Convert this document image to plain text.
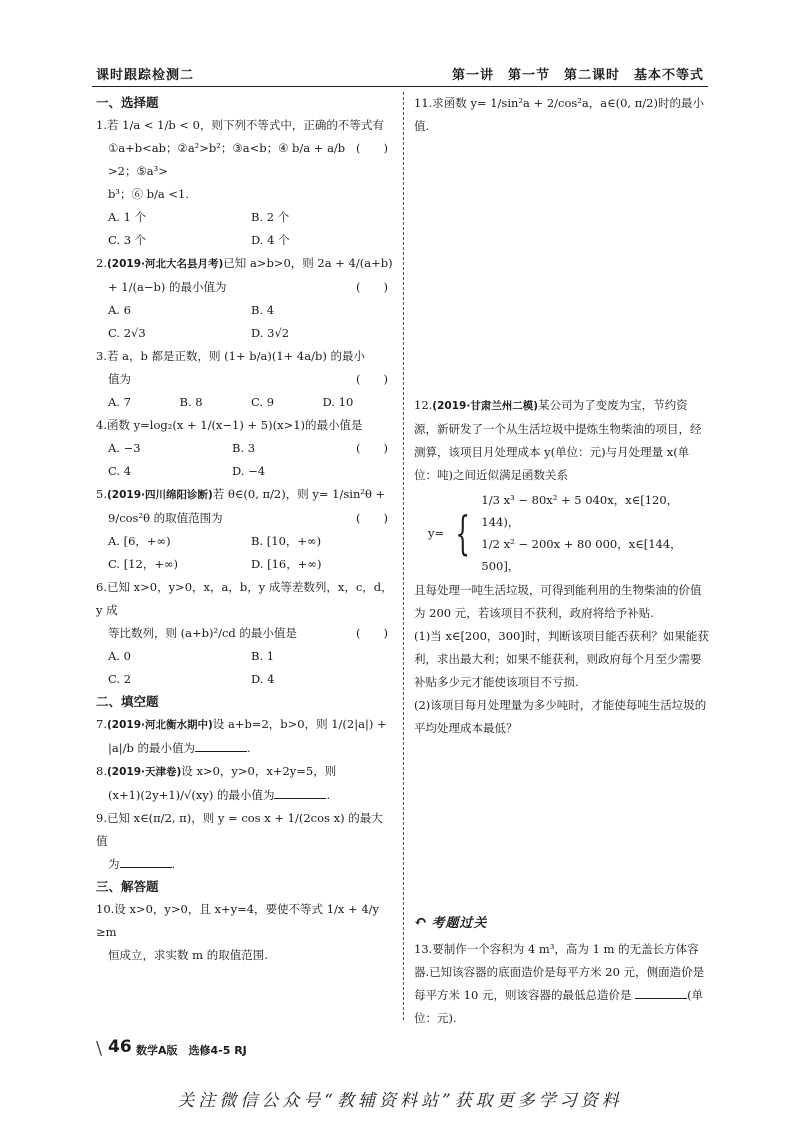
课时跟踪检测二	第一讲　第一节　第二课时　基本不等式
一、选择题

1.若 1/a < 1/b < 0，则下列不等式中，正确的不等式有
(　　)

①a+b<ab；②a²>b²；③a<b；④ b/a + a/b >2；⑤a³>

b³；⑥ b/a <1.

A. 1 个	B. 2 个
C. 3 个	D. 4 个

2.(2019·河北大名县月考)已知 a>b>0，则 2a + 4/(a+b)

+ 1/(a−b) 的最小值为	(　　)

A. 6	B. 4
C. 2√3	D. 3√2

3.若 a，b 都是正数，则 (1+ b/a)(1+ 4a/b) 的最小

值为	(　　)

A. 7	B. 8	C. 9	D. 10

4.函数 y=log₂(x + 1/(x−1) + 5)(x>1)的最小值是
(　　)

A. −3	B. 3
C. 4	D. −4

5.(2019·四川绵阳诊断)若 θ∈(0, π/2)，则 y= 1/sin²θ +

9/cos²θ 的取值范围为	(　　)

A. [6，+∞)	B. [10，+∞)
C. [12，+∞)	D. [16，+∞)

6.已知 x>0，y>0，x，a，b，y 成等差数列，x，c，d，y 成

等比数列，则 (a+b)²/cd 的最小值是	(　　)

A. 0	B. 1
C. 2	D. 4
二、填空题

7.(2019·河北衡水期中)设 a+b=2，b>0，则 1/(2|a|) +

|a|/b 的最小值为	.

8.(2019·天津卷)设 x>0，y>0，x+2y=5，则

(x+1)(2y+1)/√(xy) 的最小值为	.

9.已知 x∈(π/2, π)，则 y = cos x + 1/(2cos x) 的最大值

为	.

三、解答题

10.设 x>0，y>0，且 x+y=4，要使不等式 1/x + 4/y ≥m

恒成立，求实数 m 的取值范围.

11.求函数 y= 1/sin²a + 2/cos²a，a∈(0, π/2)时的最小值.

12.(2019·甘肃兰州二模)某公司为了变废为宝，节约资源，新研发了一个从生活垃圾中提炼生物柴油的项目，经测算，该项目月处理成本 y(单位：元)与月处理量 x(单位：吨)之间近似满足函数关系

y= {
1/3 x³ − 80x² + 5 040x，x∈[120，144)，
1/2 x² − 200x + 80 000，x∈[144，500]，

且每处理一吨生活垃圾，可得到能利用的生物柴油的价值为 200 元，若该项目不获利，政府将给予补贴.

(1)当 x∈[200，300]时，判断该项目能否获利？如果能获利，求出最大利；如果不能获利，则政府每个月至少需要补贴多少元才能使该项目不亏损.

(2)该项目每月处理量为多少吨时，才能使每吨生活垃圾的平均处理成本最低？

↶ 考题过关
13.要制作一个容积为 4 m³，高为 1 m 的无盖长方体容器.已知该容器的底面造价是每平方米 20 元，侧面造价是每平方米 10 元，则该容器的最低总造价是	(单位：元).
\ 46 数学A版　选修4-5 RJ
关注微信公众号“教辅资料站”获取更多学习资料
